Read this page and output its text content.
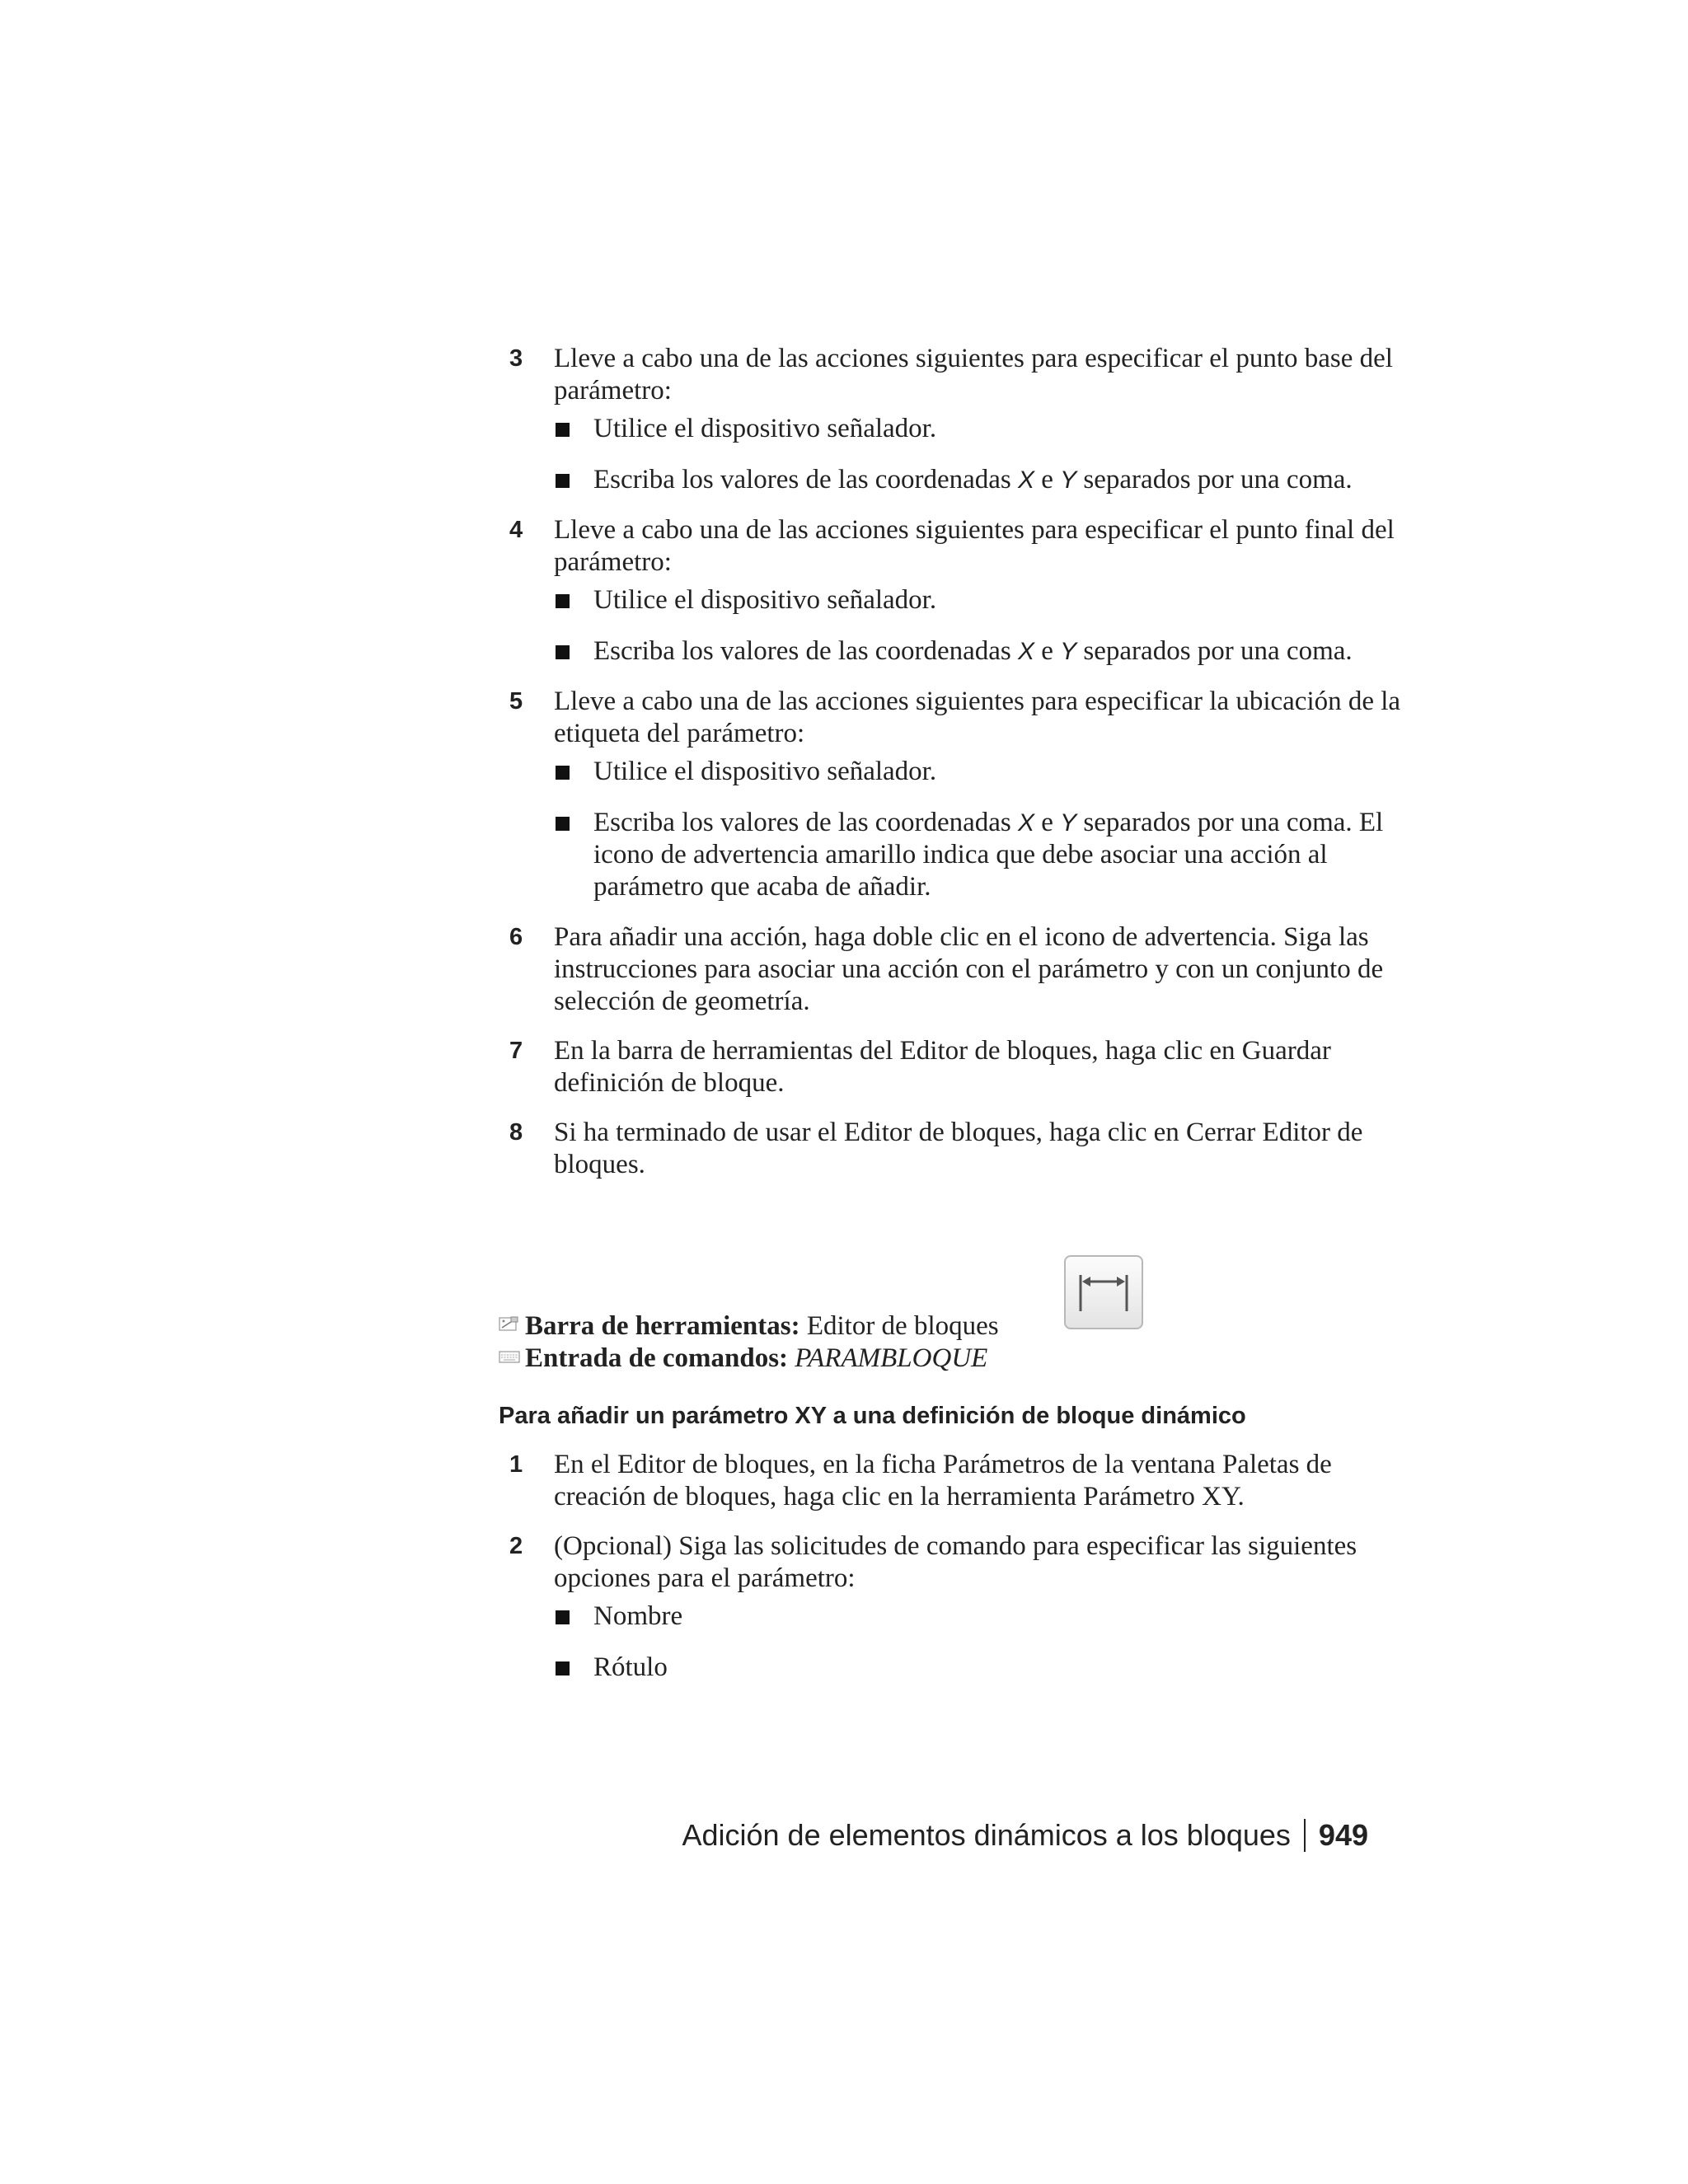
3	Lleve a cabo una de las acciones siguientes para especificar el punto base del parámetro:
Utilice el dispositivo señalador.
Escriba los valores de las coordenadas X e Y separados por una coma.
4	Lleve a cabo una de las acciones siguientes para especificar el punto final del parámetro:
Utilice el dispositivo señalador.
Escriba los valores de las coordenadas X e Y separados por una coma.
5	Lleve a cabo una de las acciones siguientes para especificar la ubicación de la etiqueta del parámetro:
Utilice el dispositivo señalador.
Escriba los valores de las coordenadas X e Y separados por una coma. El icono de advertencia amarillo indica que debe asociar una acción al parámetro que acaba de añadir.
6	Para añadir una acción, haga doble clic en el icono de advertencia. Siga las instrucciones para asociar una acción con el parámetro y con un conjunto de selección de geometría.
7	En la barra de herramientas del Editor de bloques, haga clic en Guardar definición de bloque.
8	Si ha terminado de usar el Editor de bloques, haga clic en Cerrar Editor de bloques.
Barra de herramientas: Editor de bloques
Entrada de comandos: PARAMBLOQUE
Para añadir un parámetro XY a una definición de bloque dinámico
1	En el Editor de bloques, en la ficha Parámetros de la ventana Paletas de creación de bloques, haga clic en la herramienta Parámetro XY.
2	(Opcional) Siga las solicitudes de comando para especificar las siguientes opciones para el parámetro:
Nombre
Rótulo
Adición de elementos dinámicos a los bloques 949
